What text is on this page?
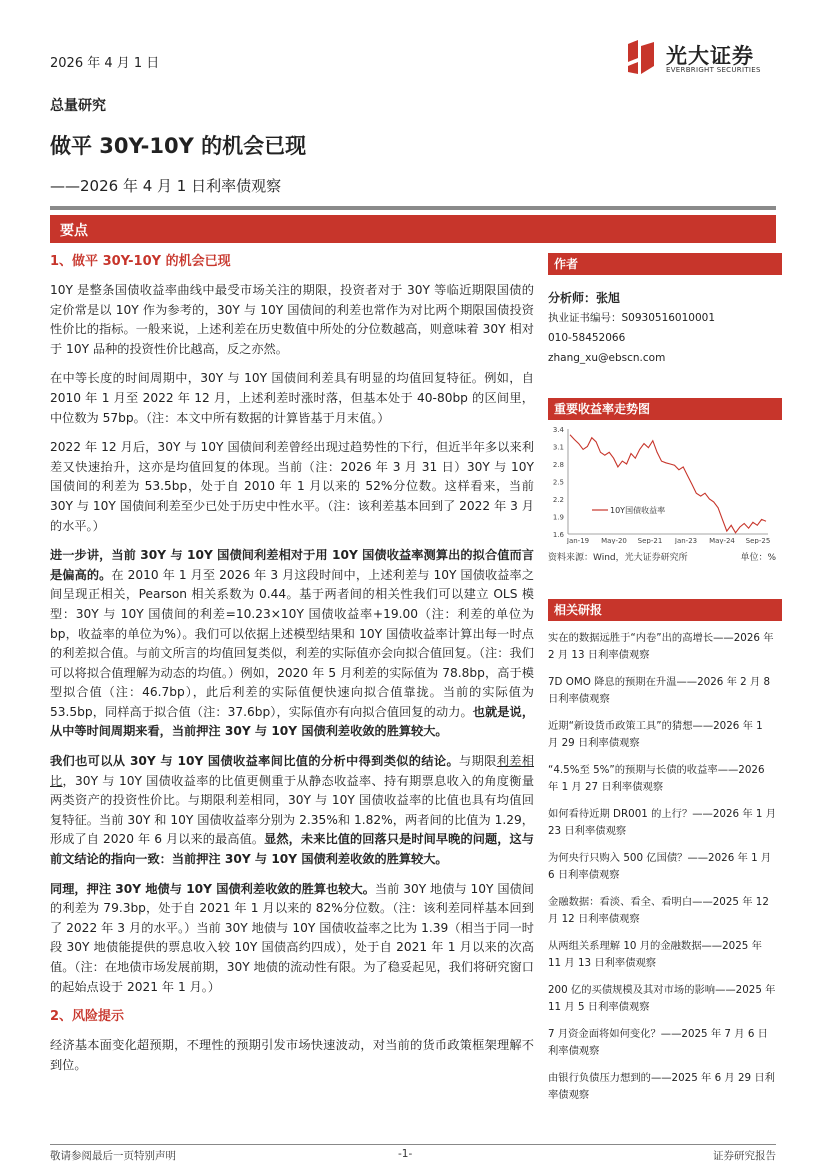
2026 年 4 月 1 日	光大证券
EVERBRIGHT SECURITIES
总量研究
做平 30Y-10Y 的机会已现
——2026 年 4 月 1 日利率债观察
要点
1、做平 30Y-10Y 的机会已现

10Y 是整条国债收益率曲线中最受市场关注的期限，投资者对于 30Y 等临近期限国债的定价常是以 10Y 作为参考的，30Y 与 10Y 国债间的利差也常作为对比两个期限国债投资性价比的指标。一般来说，上述利差在历史数值中所处的分位数越高，则意味着 30Y 相对于 10Y 品种的投资性价比越高，反之亦然。

在中等长度的时间周期中，30Y 与 10Y 国债间利差具有明显的均值回复特征。例如，自 2010 年 1 月至 2022 年 12 月，上述利差时涨时落，但基本处于 40-80bp 的区间里，中位数为 57bp。（注：本文中所有数据的计算皆基于月末值。）

2022 年 12 月后，30Y 与 10Y 国债间利差曾经出现过趋势性的下行，但近半年多以来利差又快速抬升，这亦是均值回复的体现。当前（注：2026 年 3 月 31 日）30Y 与 10Y 国债间的利差为 53.5bp，处于自 2010 年 1 月以来的 52%分位数。这样看来，当前 30Y 与 10Y 国债间利差至少已处于历史中性水平。（注：该利差基本回到了 2022 年 3 月的水平。）

进一步讲，当前 30Y 与 10Y 国债间利差相对于用 10Y 国债收益率测算出的拟合值而言是偏高的。在 2010 年 1 月至 2026 年 3 月这段时间中，上述利差与 10Y 国债收益率之间呈现正相关，Pearson 相关系数为 0.44。基于两者间的相关性我们可以建立 OLS 模型：30Y 与 10Y 国债间的利差=10.23×10Y 国债收益率+19.00（注：利差的单位为 bp，收益率的单位为%）。我们可以依据上述模型结果和 10Y 国债收益率计算出每一时点的利差拟合值。与前文所言的均值回复类似，利差的实际值亦会向拟合值回复。（注：我们可以将拟合值理解为动态的均值。）例如，2020 年 5 月利差的实际值为 78.8bp，高于模型拟合值（注：46.7bp），此后利差的实际值便快速向拟合值靠拢。当前的实际值为 53.5bp，同样高于拟合值（注：37.6bp），实际值亦有向拟合值回复的动力。也就是说，从中等时间周期来看，当前押注 30Y 与 10Y 国债利差收敛的胜算较大。

我们也可以从 30Y 与 10Y 国债收益率间比值的分析中得到类似的结论。与期限利差相比，30Y 与 10Y 国债收益率的比值更侧重于从静态收益率、持有期票息收入的角度衡量两类资产的投资性价比。与期限利差相同，30Y 与 10Y 国债收益率的比值也具有均值回复特征。当前 30Y 和 10Y 国债收益率分别为 2.35%和 1.82%，两者间的比值为 1.29，形成了自 2020 年 6 月以来的最高值。显然，未来比值的回落只是时间早晚的问题，这与前文结论的指向一致：当前押注 30Y 与 10Y 国债利差收敛的胜算较大。

同理，押注 30Y 地债与 10Y 国债利差收敛的胜算也较大。当前 30Y 地债与 10Y 国债间的利差为 79.3bp，处于自 2021 年 1 月以来的 82%分位数。（注：该利差同样基本回到了 2022 年 3 月的水平。）当前 30Y 地债与 10Y 国债收益率之比为 1.39（相当于同一时段 30Y 地债能提供的票息收入较 10Y 国债高约四成），处于自 2021 年 1 月以来的次高值。（注：在地债市场发展前期，30Y 地债的流动性有限。为了稳妥起见，我们将研究窗口的起始点设于 2021 年 1 月。）

2、风险提示

经济基本面变化超预期，不理性的预期引发市场快速波动，对当前的货币政策框架理解不到位。

作者
分析师：张旭
执业证书编号：S0930516010001
010-58452066
zhang_xu@ebscn.com
重要收益率走势图
3.4
3.1
2.8
2.5
2.2
1.9
1.6
Jan-19 May-20 Sep-21 Jan-23 May-24 Sep-25
10Y国债收益率
资料来源：Wind，光大证券研究所	单位：%
相关研报
实在的数据远胜于“内卷”出的高增长——2026 年 2 月 13 日利率债观察
7D OMO 降息的预期在升温——2026 年 2 月 8 日利率债观察
近期“新设货币政策工具”的猜想——2026 年 1 月 29 日利率债观察
“4.5%至 5%”的预期与长债的收益率——2026 年 1 月 27 日利率债观察
如何看待近期 DR001 的上行？——2026 年 1 月 23 日利率债观察
为何央行只购入 500 亿国债？——2026 年 1 月 6 日利率债观察
金融数据：看淡、看全、看明白——2025 年 12 月 12 日利率债观察
从两组关系理解 10 月的金融数据——2025 年 11 月 13 日利率债观察
200 亿的买债规模及其对市场的影响——2025 年 11 月 5 日利率债观察
7 月资金面将如何变化？——2025 年 7 月 6 日利率债观察
由银行负债压力想到的——2025 年 6 月 29 日利率债观察
敬请参阅最后一页特别声明	-1-	证券研究报告
